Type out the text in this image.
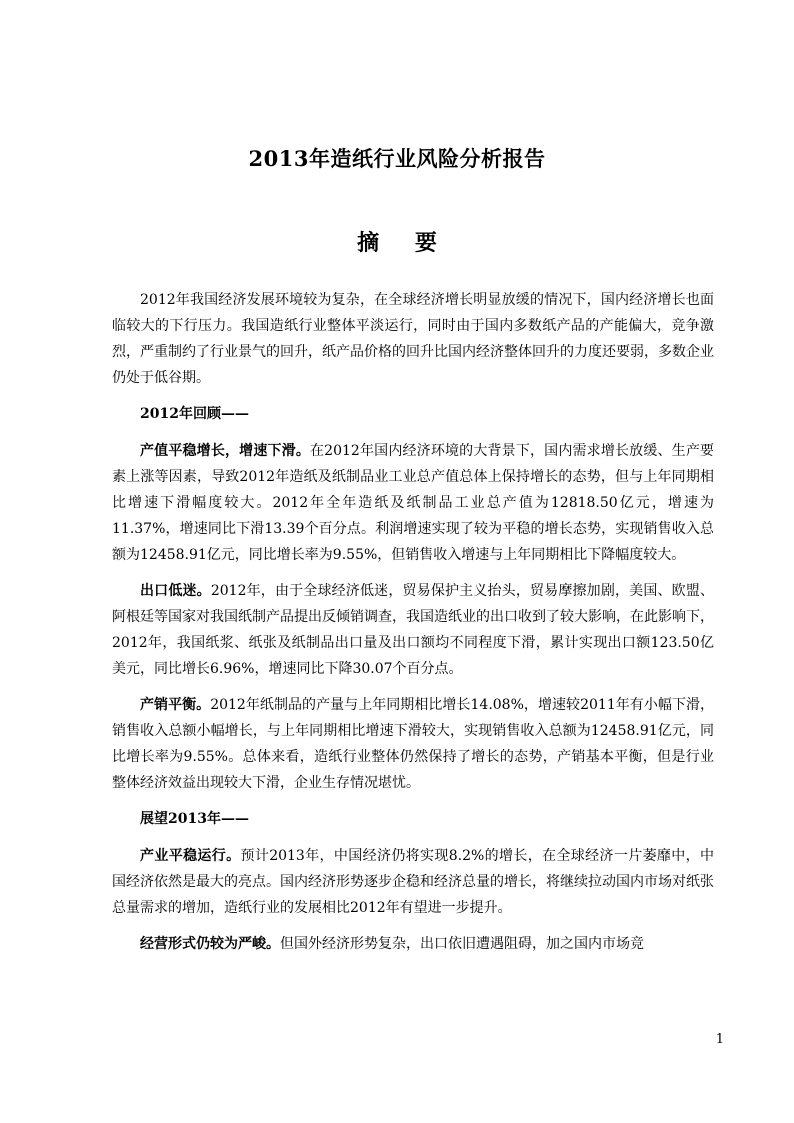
2013年造纸行业风险分析报告
摘 要

2012年我国经济发展环境较为复杂，在全球经济增长明显放缓的情况下，国内经济增长也面临较大的下行压力。我国造纸行业整体平淡运行，同时由于国内多数纸产品的产能偏大，竞争激烈，严重制约了行业景气的回升，纸产品价格的回升比国内经济整体回升的力度还要弱，多数企业仍处于低谷期。

2012年回顾——

产值平稳增长，增速下滑。在2012年国内经济环境的大背景下，国内需求增长放缓、生产要素上涨等因素，导致2012年造纸及纸制品业工业总产值总体上保持增长的态势，但与上年同期相比增速下滑幅度较大。2012年全年造纸及纸制品工业总产值为12818.50亿元，增速为11.37%，增速同比下滑13.39个百分点。利润增速实现了较为平稳的增长态势，实现销售收入总额为12458.91亿元，同比增长率为9.55%，但销售收入增速与上年同期相比下降幅度较大。

出口低迷。2012年，由于全球经济低迷，贸易保护主义抬头，贸易摩擦加剧，美国、欧盟、阿根廷等国家对我国纸制产品提出反倾销调查，我国造纸业的出口收到了较大影响，在此影响下，2012年，我国纸浆、纸张及纸制品出口量及出口额均不同程度下滑，累计实现出口额123.50亿美元，同比增长6.96%，增速同比下降30.07个百分点。

产销平衡。2012年纸制品的产量与上年同期相比增长14.08%，增速较2011年有小幅下滑，销售收入总额小幅增长，与上年同期相比增速下滑较大，实现销售收入总额为12458.91亿元，同比增长率为9.55%。总体来看，造纸行业整体仍然保持了增长的态势，产销基本平衡，但是行业整体经济效益出现较大下滑，企业生存情况堪忧。

展望2013年——

产业平稳运行。预计2013年，中国经济仍将实现8.2%的增长，在全球经济一片萎靡中，中国经济依然是最大的亮点。国内经济形势逐步企稳和经济总量的增长，将继续拉动国内市场对纸张总量需求的增加，造纸行业的发展相比2012年有望进一步提升。

经营形式仍较为严峻。但国外经济形势复杂，出口依旧遭遇阻碍，加之国内市场竞

1
